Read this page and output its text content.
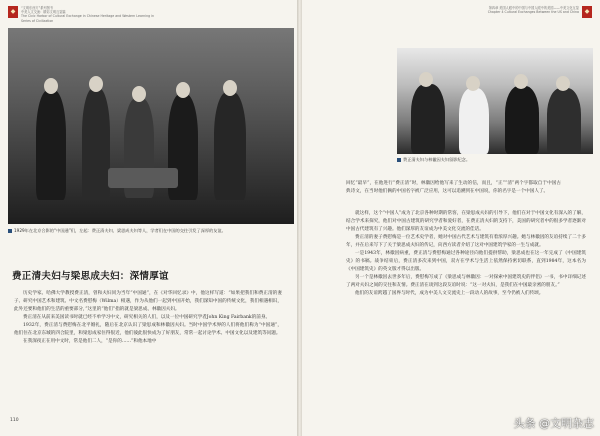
◆	“文明东西方”系列图书
中美人文交流：精彩文明互鉴篇
The Civic Harbor of Cultural Exchange in Chinese Heritage and Western Learning in Series of Civilization
1929年在北京合影的“中国通”们，左起：费正清夫妇、梁思成夫妇等人，学者们在中国的交往引发了深厚的友谊。
费正清夫妇与梁思成夫妇：深情厚谊

历史学家、哈佛大学教授费正清，曾和夫妇同为当年“中国通”，在《对华回忆录》中，他这样写道：“如果把我们和费正清的妻子、研究中国艺术和建筑、中文名费慰梅（Wilma）相遇，作为从他们一起到中国开始，我们深知中国的传统文化，我们相遇相识，此外还要和他们的生活的重要部分，”这里的“他们”指的就是梁思成、林徽因夫妇。

费正清在从前来美国读书时就已经不单学习中文，研究相关的人们，以及一位中国研究学者John King Fairbank的前身。

1932年，费正清与费慰梅在北平婚礼，随后在北京认识了梁思成和林徽因夫妇。当时中国学术界的人们将他们称为“中国通”，他们住在北京东城的四合院里，和梁思成家住得很近，他们彼此很快成为了好朋友，常常一起讨论学术、中国文化以及建筑等问题。

在我深夜正在用中文时，常是他们二人，“是你的……”和他本地中

110
◆
第四章 美国人眼中的中国与中国人眼中的美国——中美文化互鉴
Chapter 4 Cultural Exchanges Between the US and China
费正清夫妇与林徽因夫妇留影纪念。
回忆“最早”，在他进行“费正清”时，林徽因给他写来了生动的信，而且，“正”“清”两个字都取自于中国古典诗文，在当时他们俩的中国名字被广泛应用，这可以追溯到在中国说，你的名字是一个中国人了。

就这样，这个“中国人”成为了北京各种时期的常客，在梁思成夫妇的引导下，他们在对于中国文化有深入的了解，结合学术来探究，他们对中国古建筑的研究学者和爱好者，在费正清夫妇的支持下，美国的研究者中的很多学者逐渐对中国古代建筑有了兴趣。他们深厚的友谊成为中美文化交流的佳话。

费正清的妻子费慰梅是一位艺术史学者，她对中国古代艺术与建筑有着浓厚兴趣。她与林徽因的友谊持续了二十多年，并在后来写下了关于梁思成夫妇的传记，向西方读者介绍了这对中国建筑学家的一生与成就。

一是1943年，林徽因病重，费正清与费慰梅通过各种途径向他们提供帮助，梁思成也在这一年完成了《中国建筑史》的书稿。战争结束后，费正清多次来到中国，双方在学术与生活上依然保持密切联系，直到1984年，这本名为《中国建筑史》的英文版才得以出版。

另一个是林徽因去世多年后，费慰梅写成了《梁思成与林徽因：一对探索中国建筑史的伴侣》一书，书中详细记述了两对夫妇之间的交往和友情。费正清在谈到这段友谊时说：“这一对夫妇，是我们在中国最亲密的朋友。”

他们的友谊跨越了国界与时代，成为中美人文交流史上一段动人的故事，至今仍被人们传颂。

头条 @文明杂志
